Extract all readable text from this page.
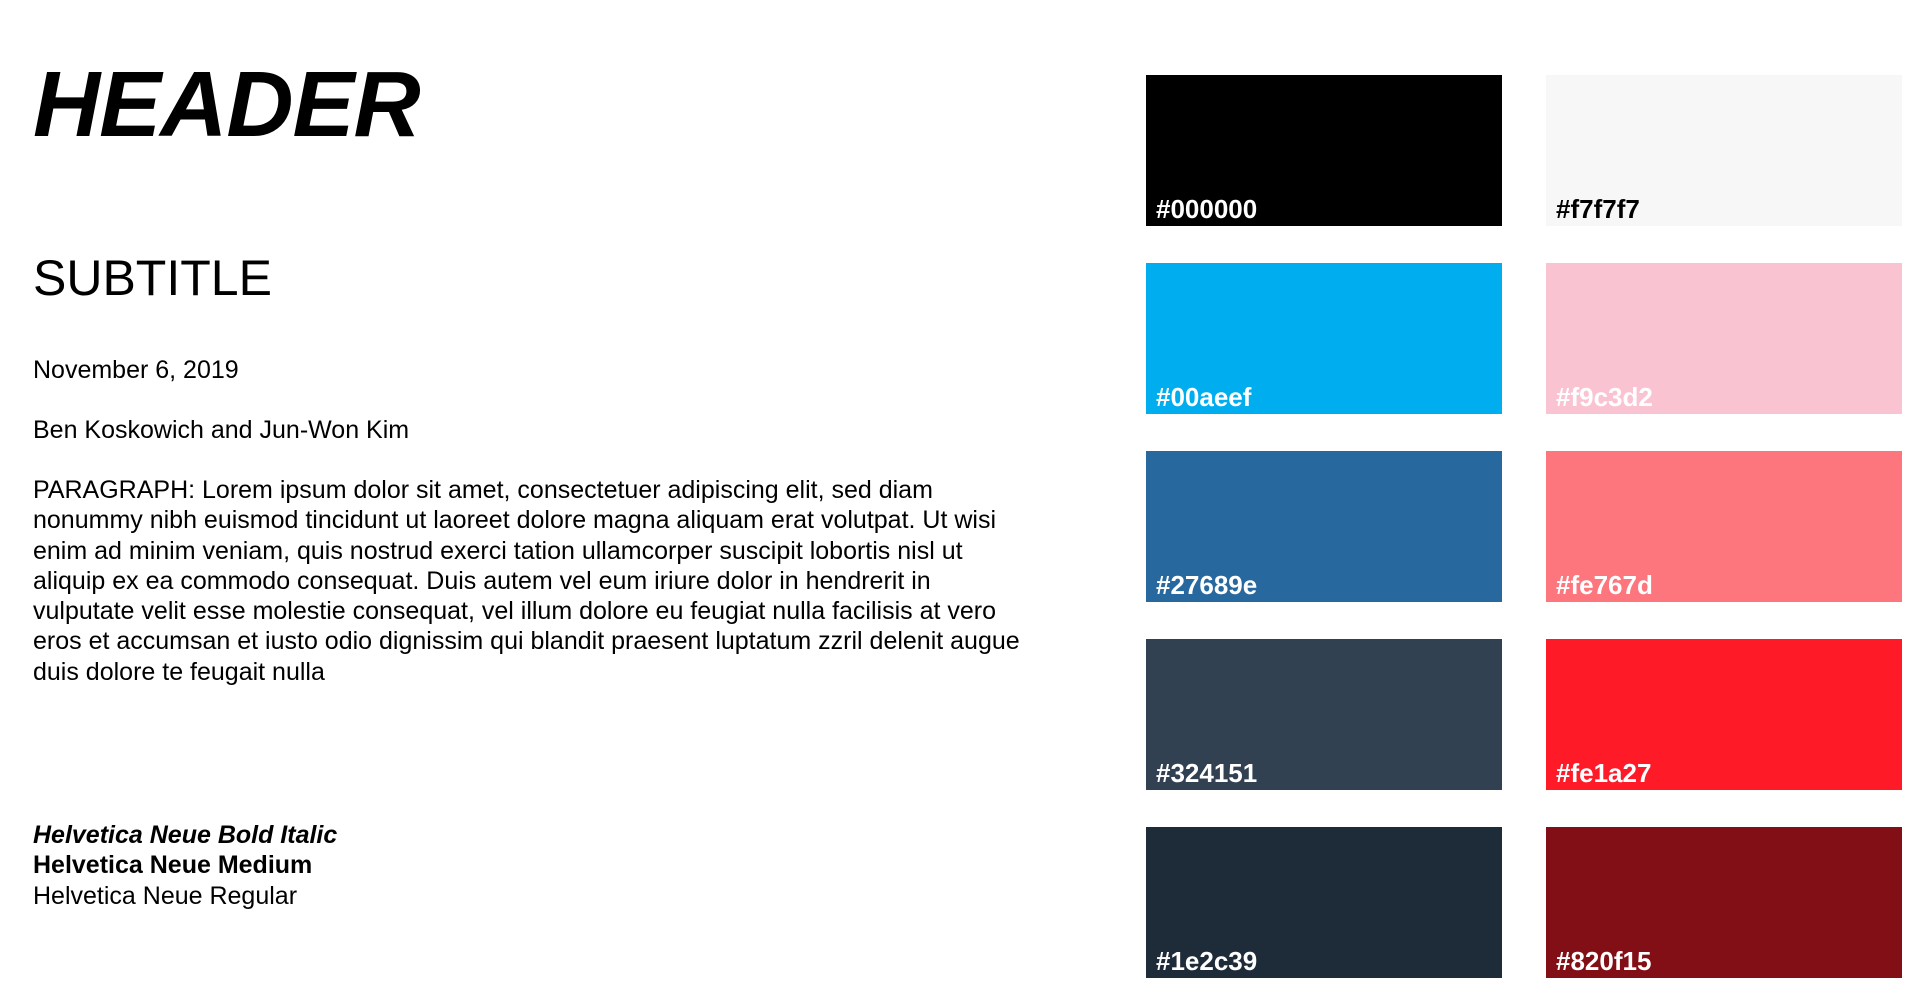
HEADER
SUBTITLE

November 6, 2019

Ben Koskowich and Jun-Won Kim

PARAGRAPH: Lorem ipsum dolor sit amet, consectetuer adipiscing elit, sed diam nonummy nibh euismod tincidunt ut laoreet dolore magna aliquam erat volutpat. Ut wisi enim ad minim veniam, quis nostrud exerci tation ullamcorper suscipit lobortis nisl ut aliquip ex ea commodo consequat. Duis autem vel eum iriure dolor in hendrerit in vulputate velit esse molestie consequat, vel illum dolore eu feugiat nulla facilisis at vero eros et accumsan et iusto odio dignissim qui blandit praesent luptatum zzril delenit augue duis dolore te feugait nulla

Helvetica Neue Bold Italic
Helvetica Neue Medium
Helvetica Neue Regular
#000000	#f7f7f7
#00aeef	#f9c3d2
#27689e	#fe767d
#324151	#fe1a27
#1e2c39	#820f15
